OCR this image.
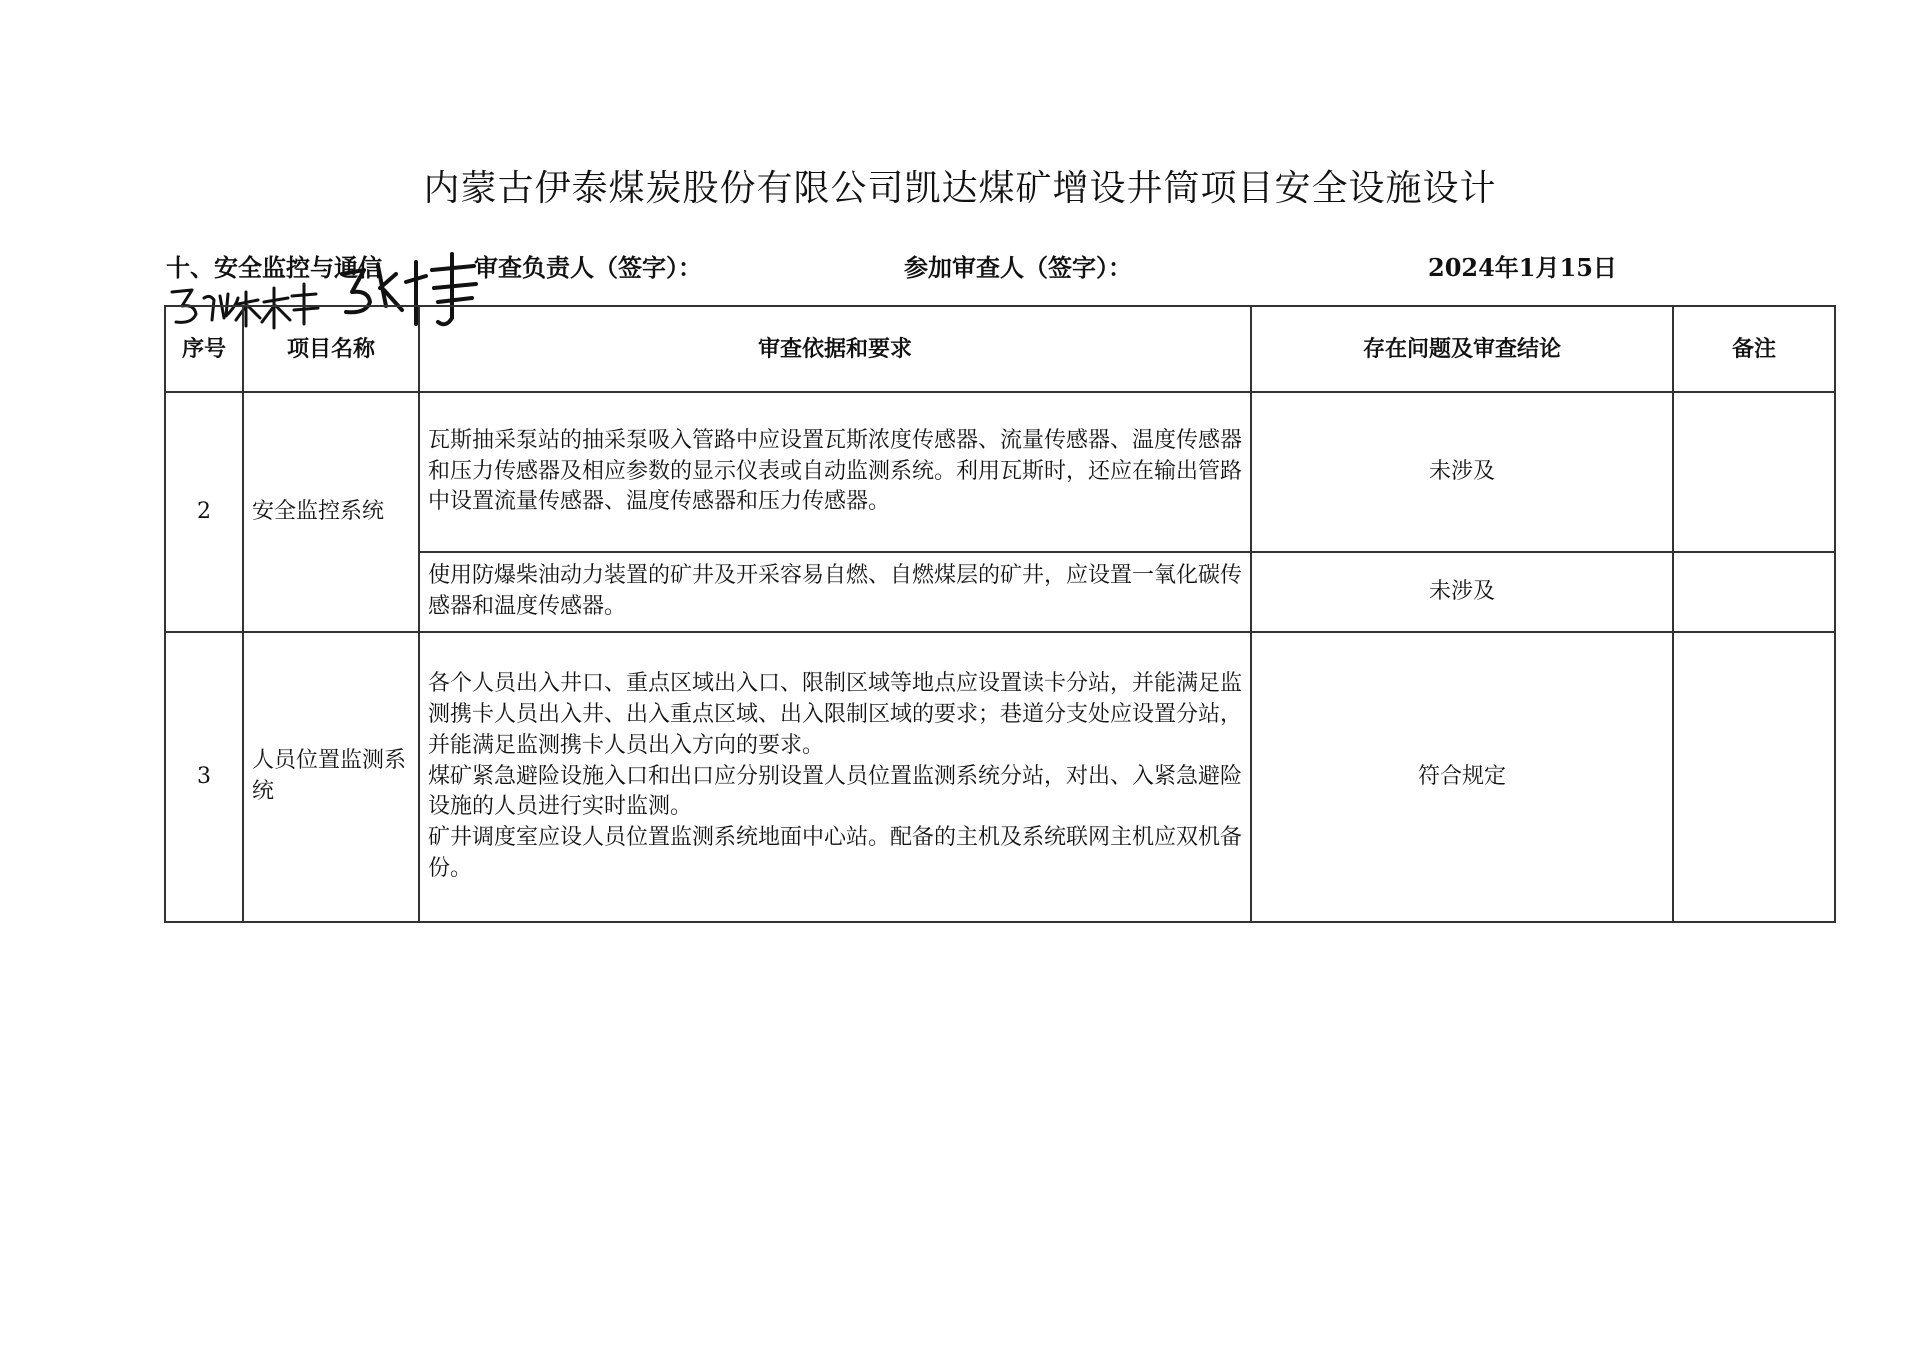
内蒙古伊泰煤炭股份有限公司凯达煤矿增设井筒项目安全设施设计
十、安全监控与通信	审查负责人（签字）：
	参加审查人（签字）：	2024年1月15日
序号	项目名称	审查依据和要求	存在问题及审查结论	备注
2	安全监控系统	瓦斯抽采泵站的抽采泵吸入管路中应设置瓦斯浓度传感器、流量传感器、温度传感器和压力传感器及相应参数的显示仪表或自动监测系统。利用瓦斯时，还应在输出管路中设置流量传感器、温度传感器和压力传感器。	未涉及	
		使用防爆柴油动力装置的矿井及开采容易自燃、自燃煤层的矿井，应设置一氧化碳传感器和温度传感器。	未涉及	
3	人员位置监测系统	各个人员出入井口、重点区域出入口、限制区域等地点应设置读卡分站，并能满足监测携卡人员出入井、出入重点区域、出入限制区域的要求；巷道分支处应设置分站，并能满足监测携卡人员出入方向的要求。
煤矿紧急避险设施入口和出口应分别设置人员位置监测系统分站，对出、入紧急避险设施的人员进行实时监测。
矿井调度室应设人员位置监测系统地面中心站。配备的主机及系统联网主机应双机备份。	符合规定	
